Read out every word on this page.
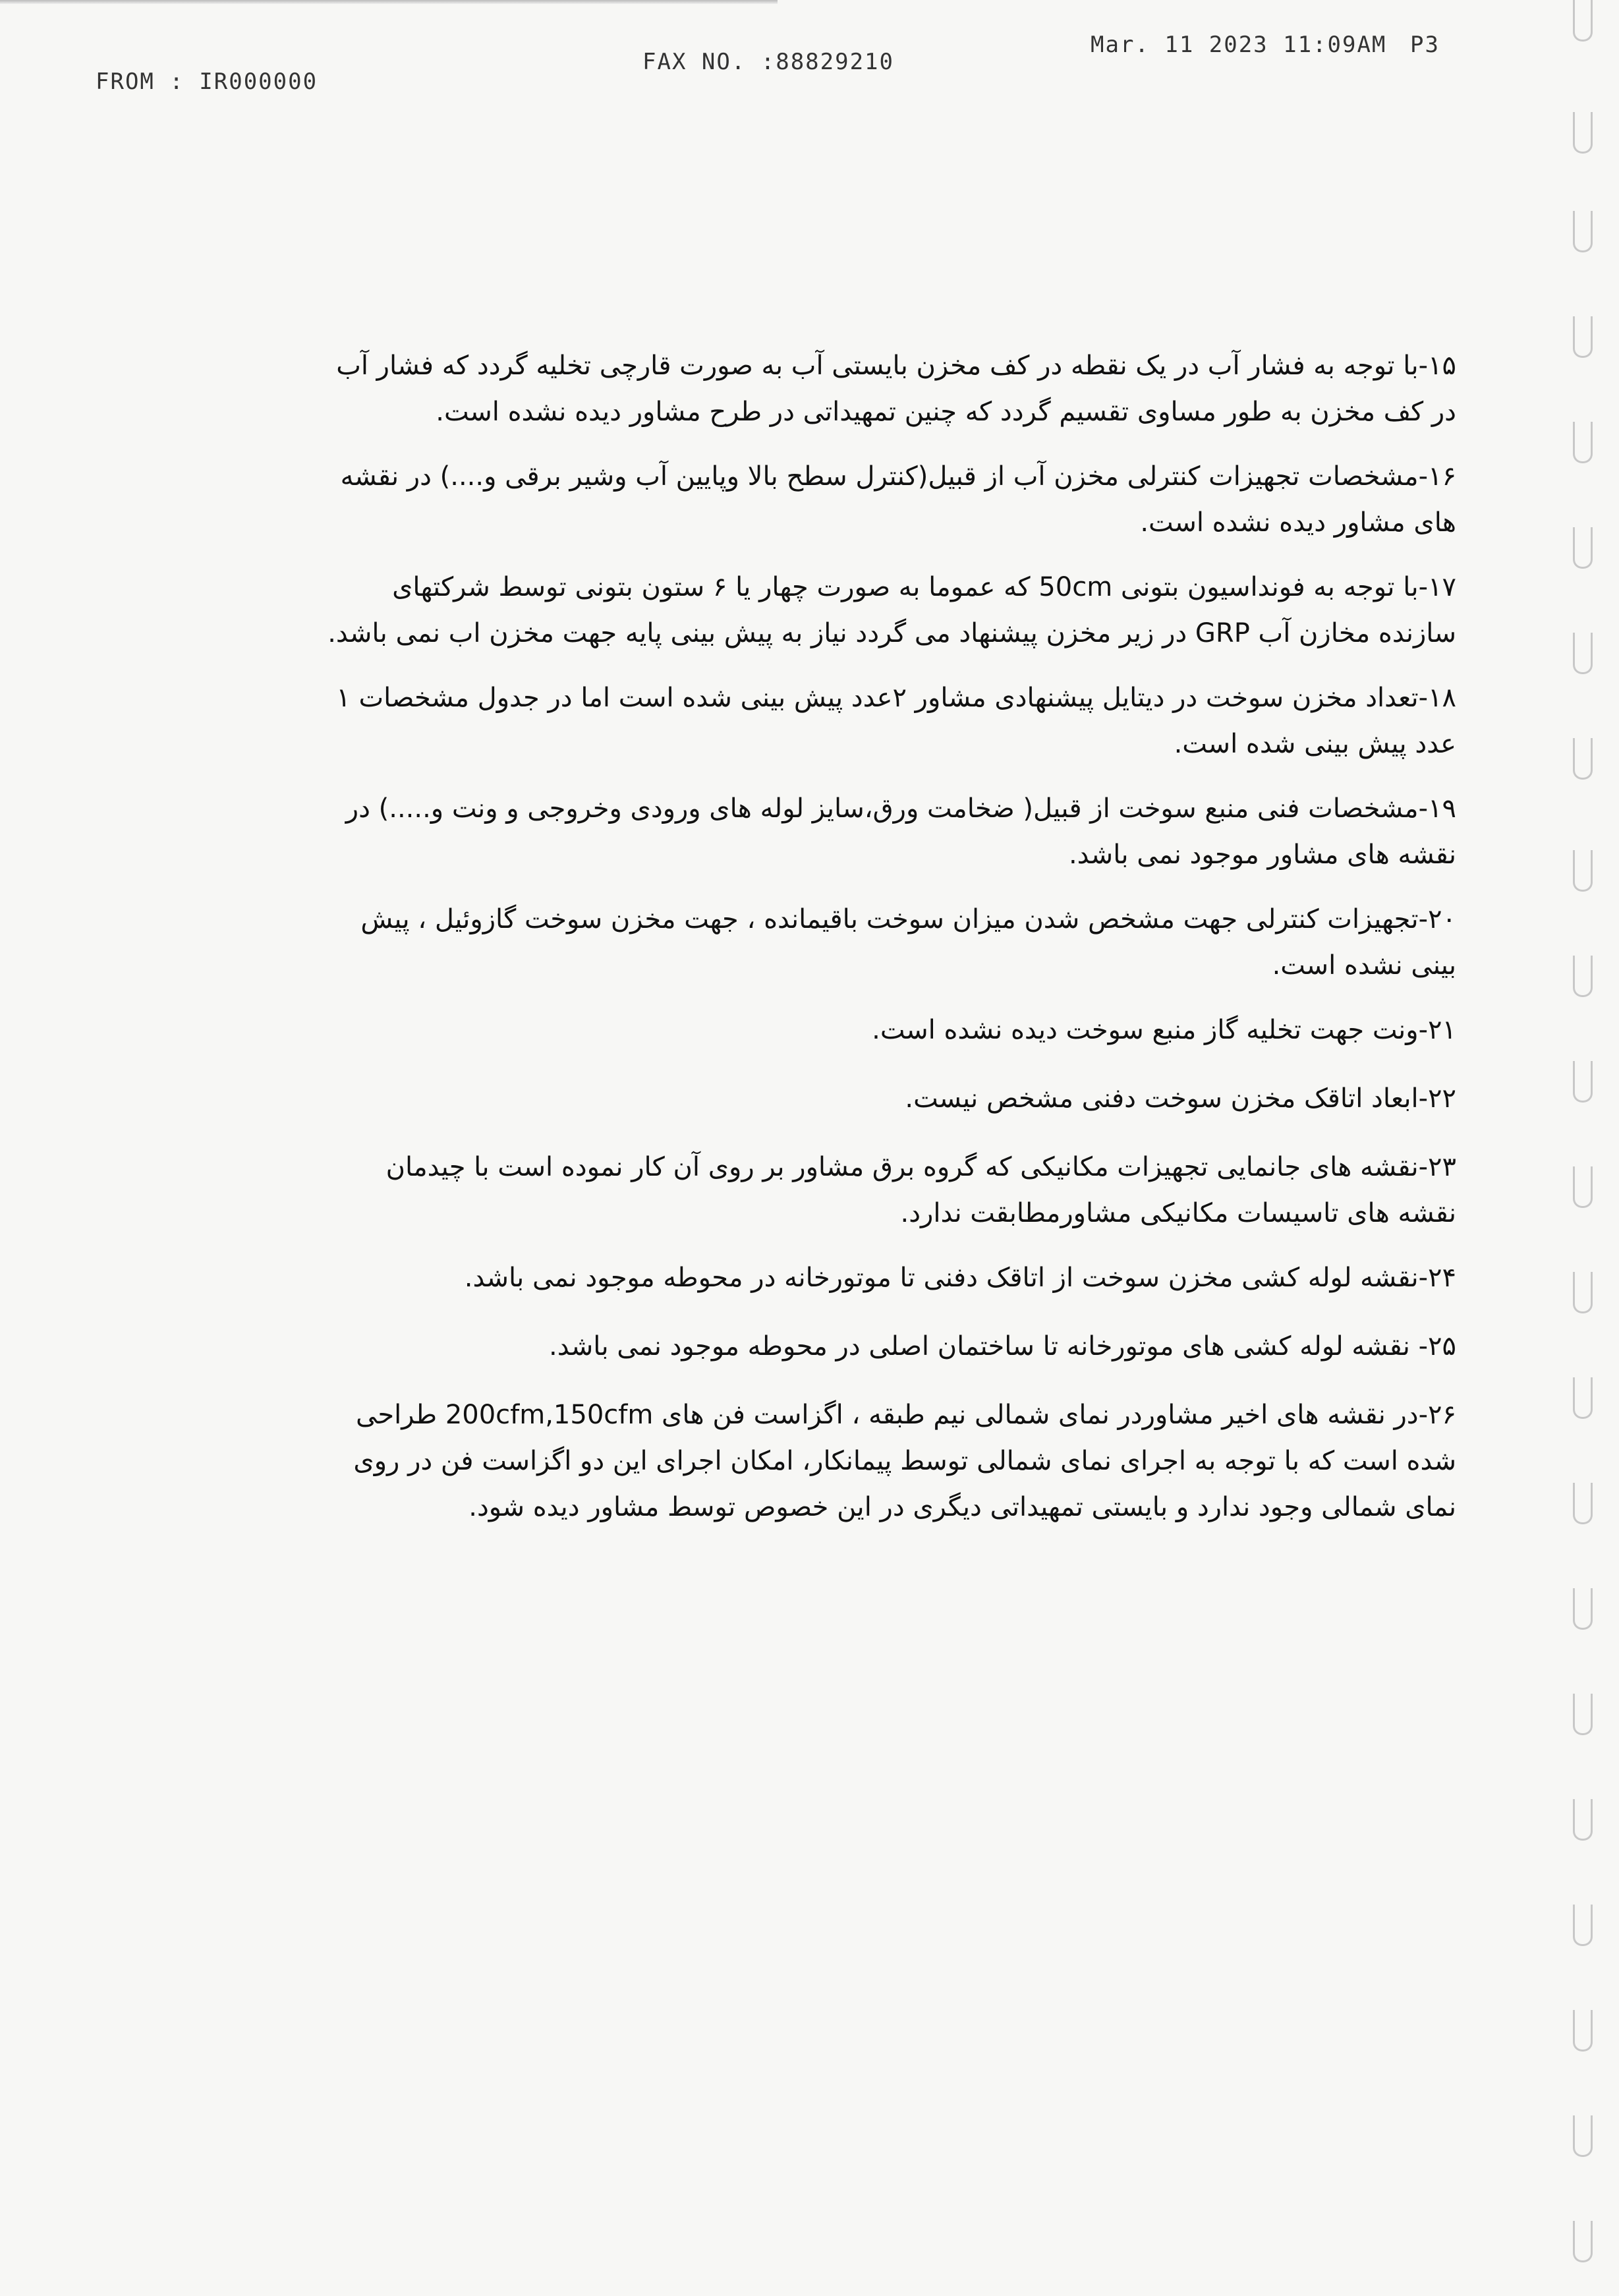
FROM : IR000000
FAX NO. :88829210
Mar. 11 2023 11:09AM P3

۱۵-با توجه به فشار آب در یک نقطه در کف مخزن بایستی آب به صورت قارچی تخلیه گردد که فشار آب در کف مخزن به طور مساوی تقسیم گردد که چنین تمهیداتی در طرح مشاور دیده نشده است.

۱۶-مشخصات تجهیزات کنترلی مخزن آب از قبیل(کنترل سطح بالا وپایین آب وشیر برقی و....) در نقشه های مشاور دیده نشده است.

۱۷-با توجه به فونداسیون بتونی 50cm که عموما به صورت چهار یا ۶ ستون بتونی توسط شرکتهای سازنده مخازن آب GRP در زیر مخزن پیشنهاد می گردد نیاز به پیش بینی پایه جهت مخزن اب نمی باشد.

۱۸-تعداد مخزن سوخت در دیتایل پیشنهادی مشاور ۲عدد پیش بینی شده است اما در جدول مشخصات ۱ عدد پیش بینی شده است.

۱۹-مشخصات فنی منبع سوخت از قبیل( ضخامت ورق،سایز لوله های ورودی وخروجی و ونت و.....) در نقشه های مشاور موجود نمی باشد.

۲۰-تجهیزات کنترلی جهت مشخص شدن میزان سوخت باقیمانده ، جهت مخزن سوخت گازوئیل ، پیش بینی نشده است.

۲۱-ونت جهت تخلیه گاز منبع سوخت دیده نشده است.

۲۲-ابعاد اتاقک مخزن سوخت دفنی مشخص نیست.

۲۳-نقشه های جانمایی تجهیزات مکانیکی که گروه برق مشاور بر روی آن کار نموده است با چیدمان نقشه های تاسیسات مکانیکی مشاورمطابقت ندارد.

۲۴-نقشه لوله کشی مخزن سوخت از اتاقک دفنی تا موتورخانه در محوطه موجود نمی باشد.

۲۵- نقشه لوله کشی های موتورخانه تا ساختمان اصلی در محوطه موجود نمی باشد.

۲۶-در نقشه های اخیر مشاوردر نمای شمالی نیم طبقه ، اگزاست فن های 200cfm,150cfm طراحی شده است که با توجه به اجرای نمای شمالی توسط پیمانکار، امکان اجرای این دو اگزاست فن در روی نمای شمالی وجود ندارد و بایستی تمهیداتی دیگری در این خصوص توسط مشاور دیده شود.
